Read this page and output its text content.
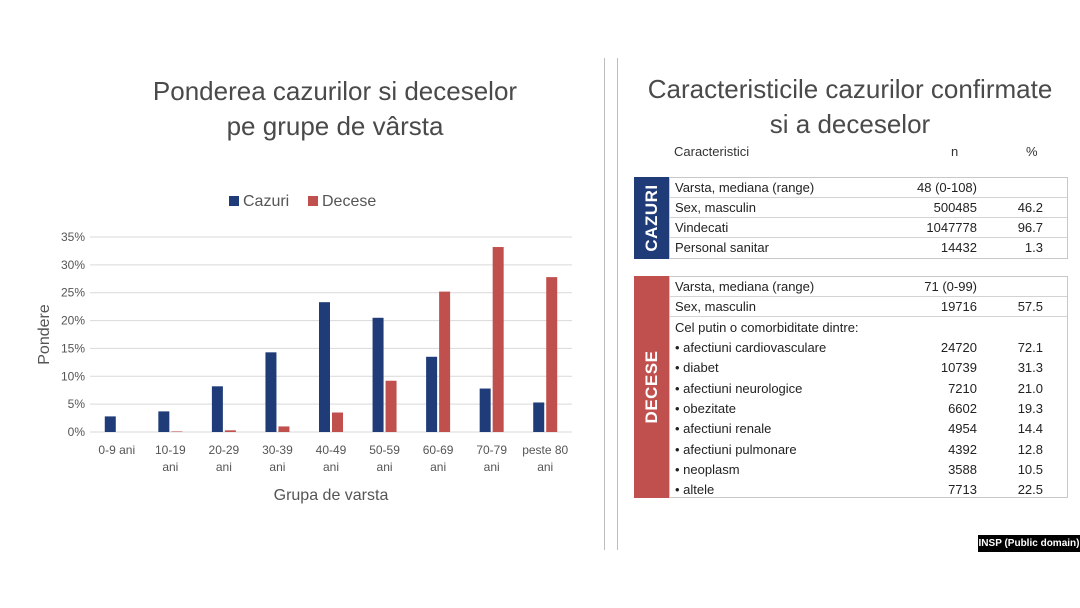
Ponderea cazurilor si deceselor
pe grupe de vârsta
0%
5%
10%
15%
20%
25%
30%
35%
0-9 ani 10-19
ani
20-29
ani
30-39
ani
40-49
ani
50-59
ani
60-69
ani
70-79
ani
peste 80
ani
Grupa de varsta
Pondere
Cazuri Decese
Caracteristicile cazurilor confirmate
si a deceselor
Caracteristici	n	%
CAZURI Varsta, mediana (range)	48 (0-108)
Sex, masculin	500485	46.2
Vindecati	1047778	96.7
Personal sanitar	14432	1.3
DECESE
Varsta, mediana (range)	71 (0-99)
Sex, masculin	19716	57.5
Cel putin o comorbiditate dintre:
• afectiuni cardiovasculare	24720	72.1
• diabet	10739	31.3
• afectiuni neurologice	7210	21.0
• obezitate	6602	19.3
• afectiuni renale	4954	14.4
• afectiuni pulmonare	4392	12.8
• neoplasm	3588	10.5
• altele	7713	22.5
INSP (Public domain)
